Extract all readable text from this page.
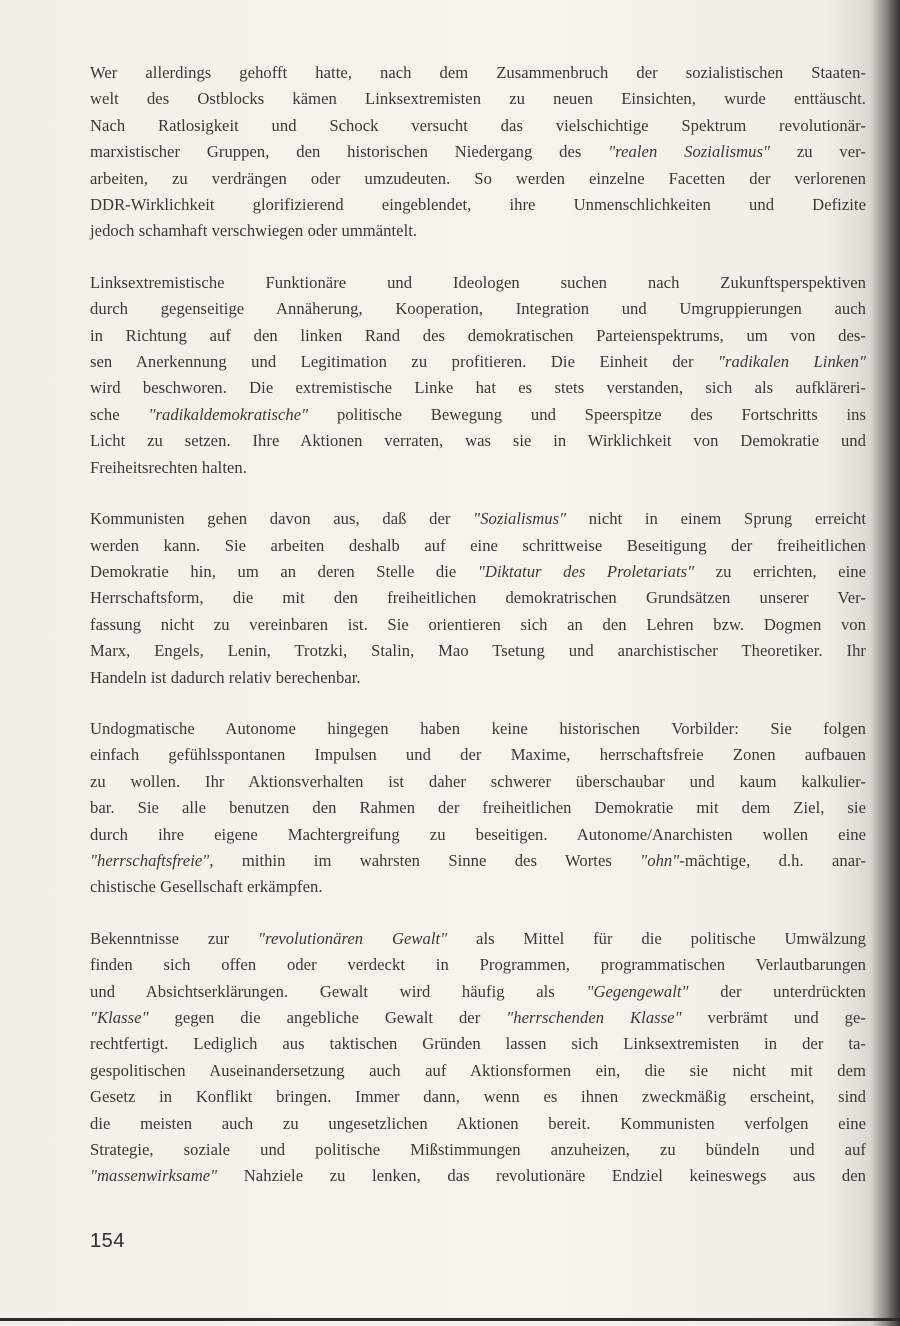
Wer allerdings gehofft hatte, nach dem Zusammenbruch der sozialistischen Staaten-
welt des Ostblocks kämen Linksextremisten zu neuen Einsichten, wurde enttäuscht.
Nach Ratlosigkeit und Schock versucht das vielschichtige Spektrum revolutionär-
marxistischer Gruppen, den historischen Niedergang des "realen Sozialismus" zu ver-
arbeiten, zu verdrängen oder umzudeuten. So werden einzelne Facetten der verlorenen
DDR-Wirklichkeit glorifizierend eingeblendet, ihre Unmenschlichkeiten und Defizite
jedoch schamhaft verschwiegen oder ummäntelt.

Linksextremistische Funktionäre und Ideologen suchen nach Zukunftsperspektiven
durch gegenseitige Annäherung, Kooperation, Integration und Umgruppierungen auch
in Richtung auf den linken Rand des demokratischen Parteienspektrums, um von des-
sen Anerkennung und Legitimation zu profitieren. Die Einheit der "radikalen Linken"
wird beschworen. Die extremistische Linke hat es stets verstanden, sich als aufkläreri-
sche "radikaldemokratische" politische Bewegung und Speerspitze des Fortschritts ins
Licht zu setzen. Ihre Aktionen verraten, was sie in Wirklichkeit von Demokratie und
Freiheitsrechten halten.

Kommunisten gehen davon aus, daß der "Sozialismus" nicht in einem Sprung erreicht
werden kann. Sie arbeiten deshalb auf eine schrittweise Beseitigung der freiheitlichen
Demokratie hin, um an deren Stelle die "Diktatur des Proletariats" zu errichten, eine
Herrschaftsform, die mit den freiheitlichen demokratrischen Grundsätzen unserer Ver-
fassung nicht zu vereinbaren ist. Sie orientieren sich an den Lehren bzw. Dogmen von
Marx, Engels, Lenin, Trotzki, Stalin, Mao Tsetung und anarchistischer Theoretiker. Ihr
Handeln ist dadurch relativ berechenbar.

Undogmatische Autonome hingegen haben keine historischen Vorbilder: Sie folgen
einfach gefühlsspontanen Impulsen und der Maxime, herrschaftsfreie Zonen aufbauen
zu wollen. Ihr Aktionsverhalten ist daher schwerer überschaubar und kaum kalkulier-
bar. Sie alle benutzen den Rahmen der freiheitlichen Demokratie mit dem Ziel, sie
durch ihre eigene Machtergreifung zu beseitigen. Autonome/Anarchisten wollen eine
"herrschaftsfreie", mithin im wahrsten Sinne des Wortes "ohn"-mächtige, d.h. anar-
chistische Gesellschaft erkämpfen.

Bekenntnisse zur "revolutionären Gewalt" als Mittel für die politische Umwälzung
finden sich offen oder verdeckt in Programmen, programmatischen Verlautbarungen
und Absichtserklärungen. Gewalt wird häufig als "Gegengewalt" der unterdrückten
"Klasse" gegen die angebliche Gewalt der "herrschenden Klasse" verbrämt und ge-
rechtfertigt. Lediglich aus taktischen Gründen lassen sich Linksextremisten in der ta-
gespolitischen Auseinandersetzung auch auf Aktionsformen ein, die sie nicht mit dem
Gesetz in Konflikt bringen. Immer dann, wenn es ihnen zweckmäßig erscheint, sind
die meisten auch zu ungesetzlichen Aktionen bereit. Kommunisten verfolgen eine
Strategie, soziale und politische Mißstimmungen anzuheizen, zu bündeln und auf
"massenwirksame" Nahziele zu lenken, das revolutionäre Endziel keineswegs aus den

154
